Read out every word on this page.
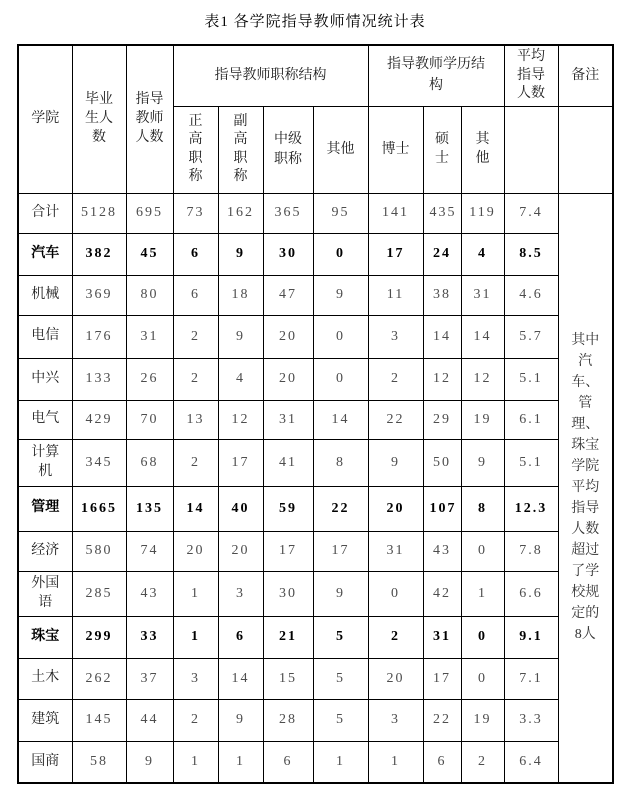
表1 各学院指导教师情况统计表
学院	毕业生人数	指导教师人数	指导教师职称结构				指导教师学历结构			平均指导人数	备注
			正高职称	副高职称	中级职称	其他	博士	硕士	其他		
合计	5128	695	73	162	365	95	141	435	119	7.4	其中汽车、管理、珠宝学院平均指导人数超过了学校规定的8人
汽车	382	45	6	9	30	0	17	24	4	8.5	
机械	369	80	6	18	47	9	11	38	31	4.6	
电信	176	31	2	9	20	0	3	14	14	5.7	
中兴	133	26	2	4	20	0	2	12	12	5.1	
电气	429	70	13	12	31	14	22	29	19	6.1	
计算机	345	68	2	17	41	8	9	50	9	5.1	
管理	1665	135	14	40	59	22	20	107	8	12.3	
经济	580	74	20	20	17	17	31	43	0	7.8	
外国语	285	43	1	3	30	9	0	42	1	6.6	
珠宝	299	33	1	6	21	5	2	31	0	9.1	
土木	262	37	3	14	15	5	20	17	0	7.1	
建筑	145	44	2	9	28	5	3	22	19	3.3	
国商	58	9	1	1	6	1	1	6	2	6.4	
